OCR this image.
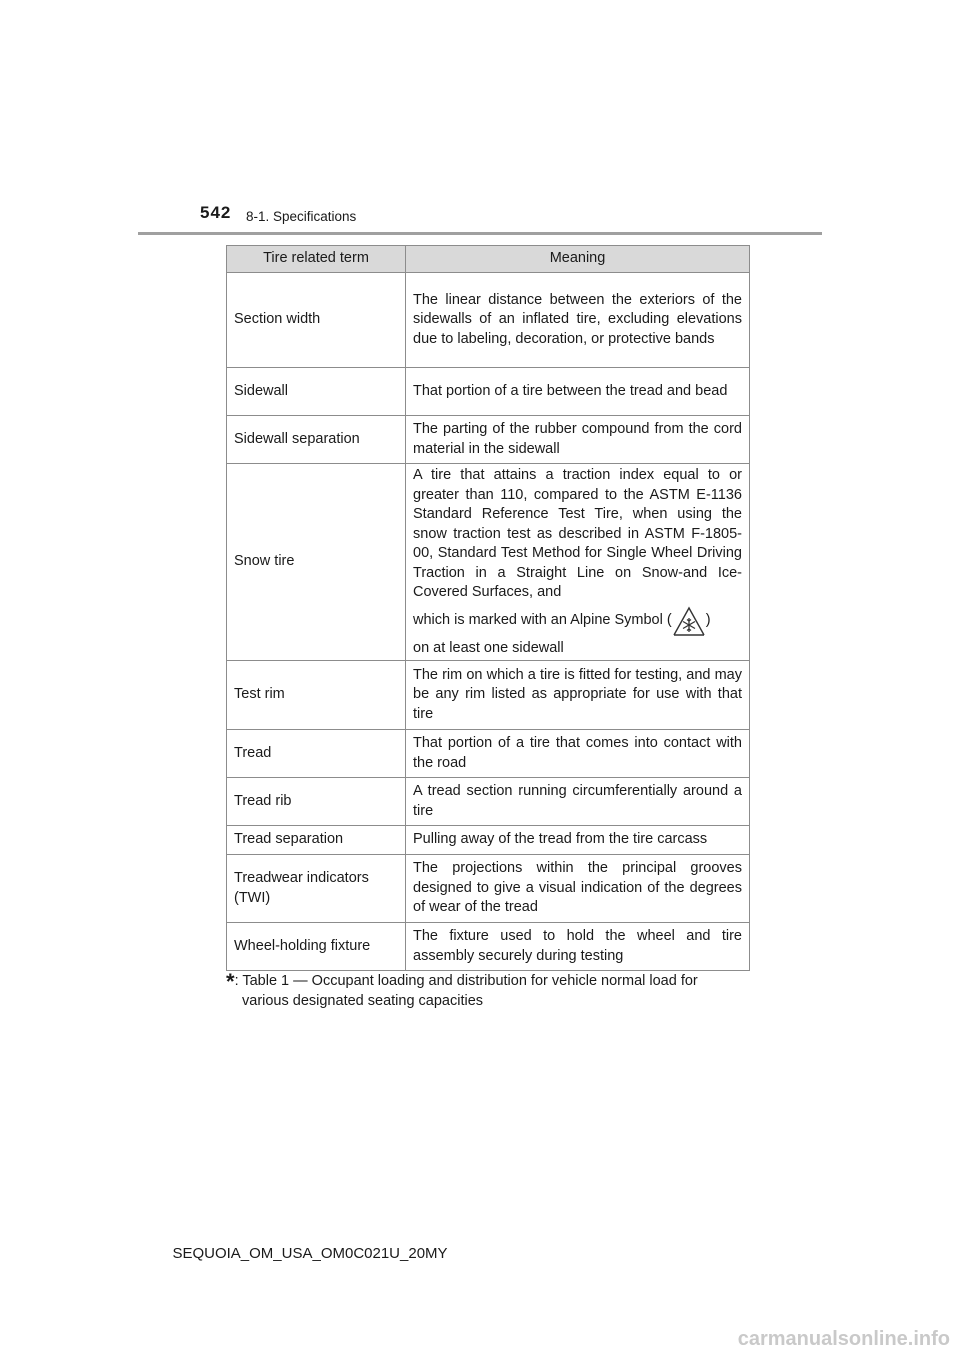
542 8-1. Specifications
Tire related term	Meaning
Section width	The linear distance between the exteriors of the sidewalls of an inflated tire, excluding elevations due to labeling, decoration, or protective bands
Sidewall	That portion of a tire between the tread and bead
Sidewall separation	The parting of the rubber compound from the cord material in the sidewall
Snow tire	A tire that attains a traction index equal to or greater than 110, compared to the ASTM E-1136 Standard Reference Test Tire, when using the snow traction test as described in ASTM F-1805-00, Standard Test Method for Single Wheel Driving Traction in a Straight Line on Snow-and Ice-Covered Surfaces, and
which is marked with an Alpine Symbol ( )
on at least one sidewall
Test rim	The rim on which a tire is fitted for testing, and may be any rim listed as appropriate for use with that tire
Tread	That portion of a tire that comes into contact with the road
Tread rib	A tread section running circumferentially around a tire
Tread separation	Pulling away of the tread from the tire carcass
Treadwear indicators (TWI)	The projections within the principal grooves designed to give a visual indication of the degrees of wear of the tread
Wheel-holding fixture	The fixture used to hold the wheel and tire assembly securely during testing
*: Table 1 — Occupant loading and distribution for vehicle normal load for
various designated seating capacities
SEQUOIA_OM_USA_OM0C021U_20MY
carmanualsonline.info
